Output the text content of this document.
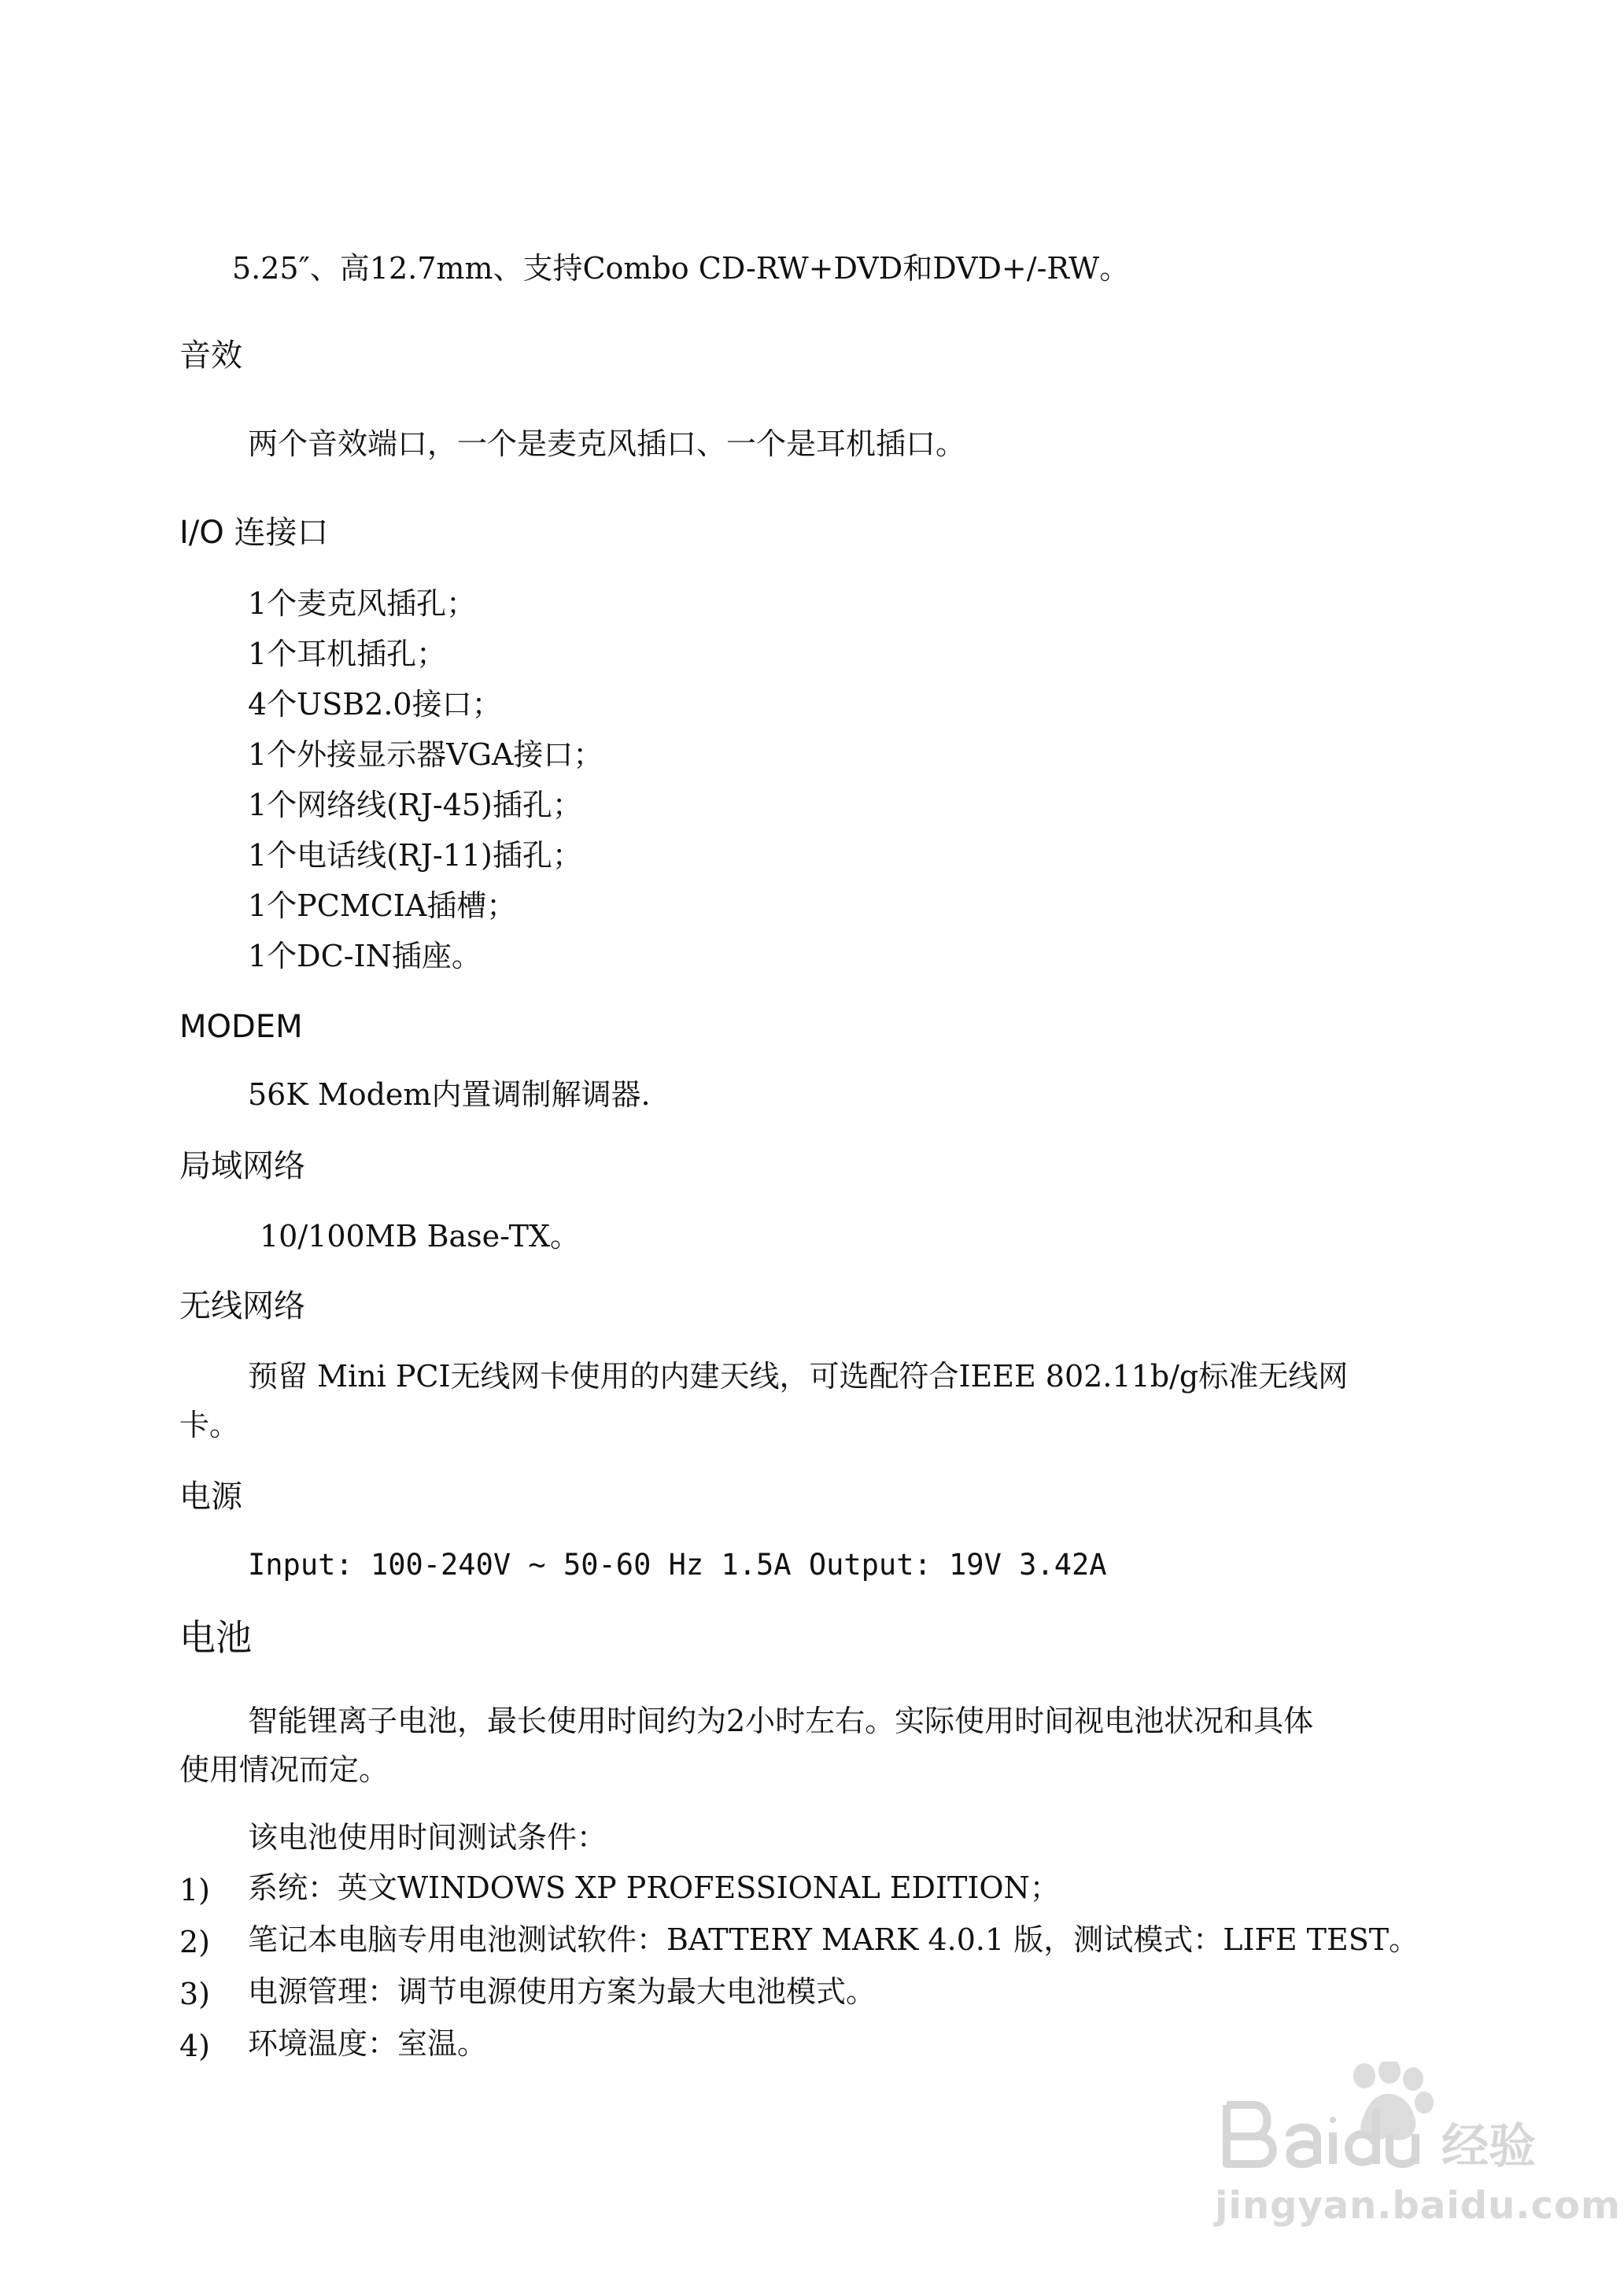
5.25″、高12.7mm、支持Combo CD-RW+DVD和DVD+/-RW。
音效
两个音效端口，一个是麦克风插口、一个是耳机插口。
I/O 连接口
1个麦克风插孔；
1个耳机插孔；
4个USB2.0接口；
1个外接显示器VGA接口；
1个网络线(RJ-45)插孔；
1个电话线(RJ-11)插孔；
1个PCMCIA插槽；
1个DC-IN插座。
MODEM
56K Modem内置调制解调器.
局域网络
10/100MB Base-TX。
无线网络
预留 Mini PCI无线网卡使用的内建天线，可选配符合IEEE 802.11b/g标准无线网
卡。
电源
Input: 100-240V ~ 50-60 Hz 1.5A Output: 19V 3.42A
电池
智能锂离子电池，最长使用时间约为2小时左右。实际使用时间视电池状况和具体
使用情况而定。
该电池使用时间测试条件：
1) 系统：英文WINDOWS XP PROFESSIONAL EDITION；
2) 笔记本电脑专用电池测试软件：BATTERY MARK 4.0.1 版，测试模式：LIFE TEST。
3) 电源管理：调节电源使用方案为最大电池模式。
4) 环境温度：室温。
经验
jingyan.baidu.com
